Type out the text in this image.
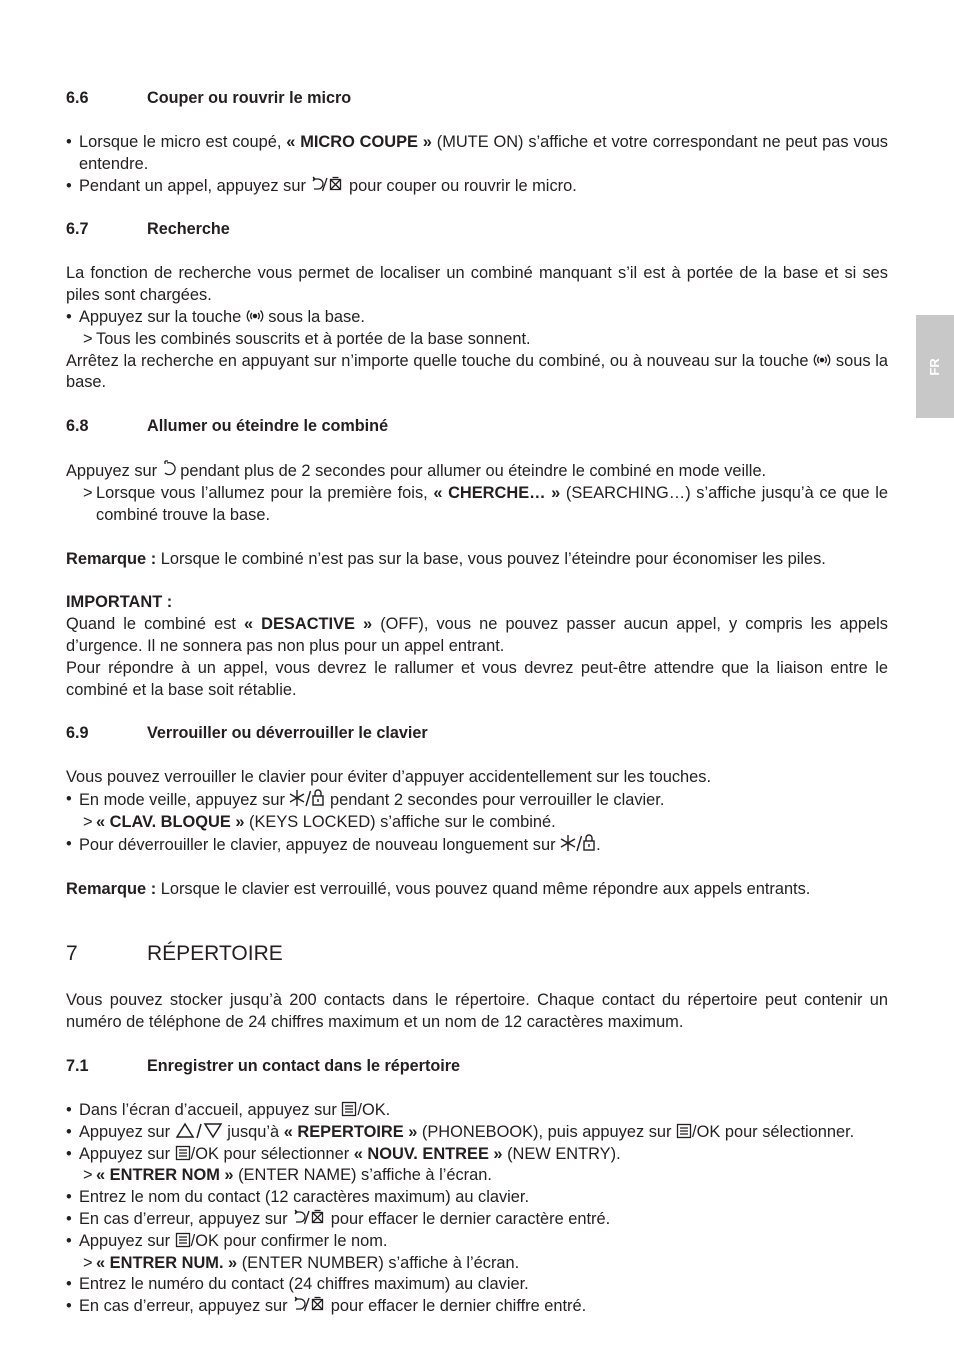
6.6	Couper ou rouvrir le micro
• Lorsque le micro est coupé, « MICRO COUPE » (MUTE ON) s’affiche et votre correspondant ne peut pas vous entendre.
• Pendant un appel, appuyez sur
pour couper ou rouvrir le micro.
6.7	Recherche
La fonction de recherche vous permet de localiser un combiné manquant s’il est à portée de la base et si ses piles sont chargées.
• Appuyez sur la touche
sous la base.
> Tous les combinés souscrits et à portée de la base sonnent.
Arrêtez la recherche en appuyant sur n’importe quelle touche du combiné, ou à nouveau sur la touche
sous la base.
6.8	Allumer ou éteindre le combiné
Appuyez sur
pendant plus de 2 secondes pour allumer ou éteindre le combiné en mode veille.
> Lorsque vous l’allumez pour la première fois, « CHERCHE… » (SEARCHING…) s’affiche jusqu’à ce que le combiné trouve la base.
Remarque : Lorsque le combiné n’est pas sur la base, vous pouvez l’éteindre pour économiser les piles.
IMPORTANT :
Quand le combiné est « DESACTIVE » (OFF), vous ne pouvez passer aucun appel, y compris les appels d’urgence. Il ne sonnera pas non plus pour un appel entrant.
Pour répondre à un appel, vous devrez le rallumer et vous devrez peut-être attendre que la liaison entre le combiné et la base soit rétablie.
6.9	Verrouiller ou déverrouiller le clavier
Vous pouvez verrouiller le clavier pour éviter d’appuyer accidentellement sur les touches.
• En mode veille, appuyez sur
pendant 2 secondes pour verrouiller le clavier.
> « CLAV. BLOQUE » (KEYS LOCKED) s’affiche sur le combiné.
• Pour déverrouiller le clavier, appuyez de nouveau longuement sur
.
Remarque : Lorsque le clavier est verrouillé, vous pouvez quand même répondre aux appels entrants.
7	RÉPERTOIRE
Vous pouvez stocker jusqu’à 200 contacts dans le répertoire. Chaque contact du répertoire peut contenir un numéro de téléphone de 24 chiffres maximum et un nom de 12 caractères maximum.
7.1	Enregistrer un contact dans le répertoire
• Dans l’écran d’accueil, appuyez sur
/OK.
• Appuyez sur	jusqu’à « REPERTOIRE » (PHONEBOOK), puis appuyez sur
/OK pour sélectionner.
• Appuyez sur
/OK pour sélectionner « NOUV. ENTREE » (NEW ENTRY).
> « ENTRER NOM » (ENTER NAME) s’affiche à l’écran.
• Entrez le nom du contact (12 caractères maximum) au clavier.
• En cas d’erreur, appuyez sur
pour effacer le dernier caractère entré.
• Appuyez sur
/OK pour confirmer le nom.
> « ENTRER NUM. » (ENTER NUMBER) s’affiche à l’écran.
• Entrez le numéro du contact (24 chiffres maximum) au clavier.
• En cas d’erreur, appuyez sur
pour effacer le dernier chiffre entré.
FR
